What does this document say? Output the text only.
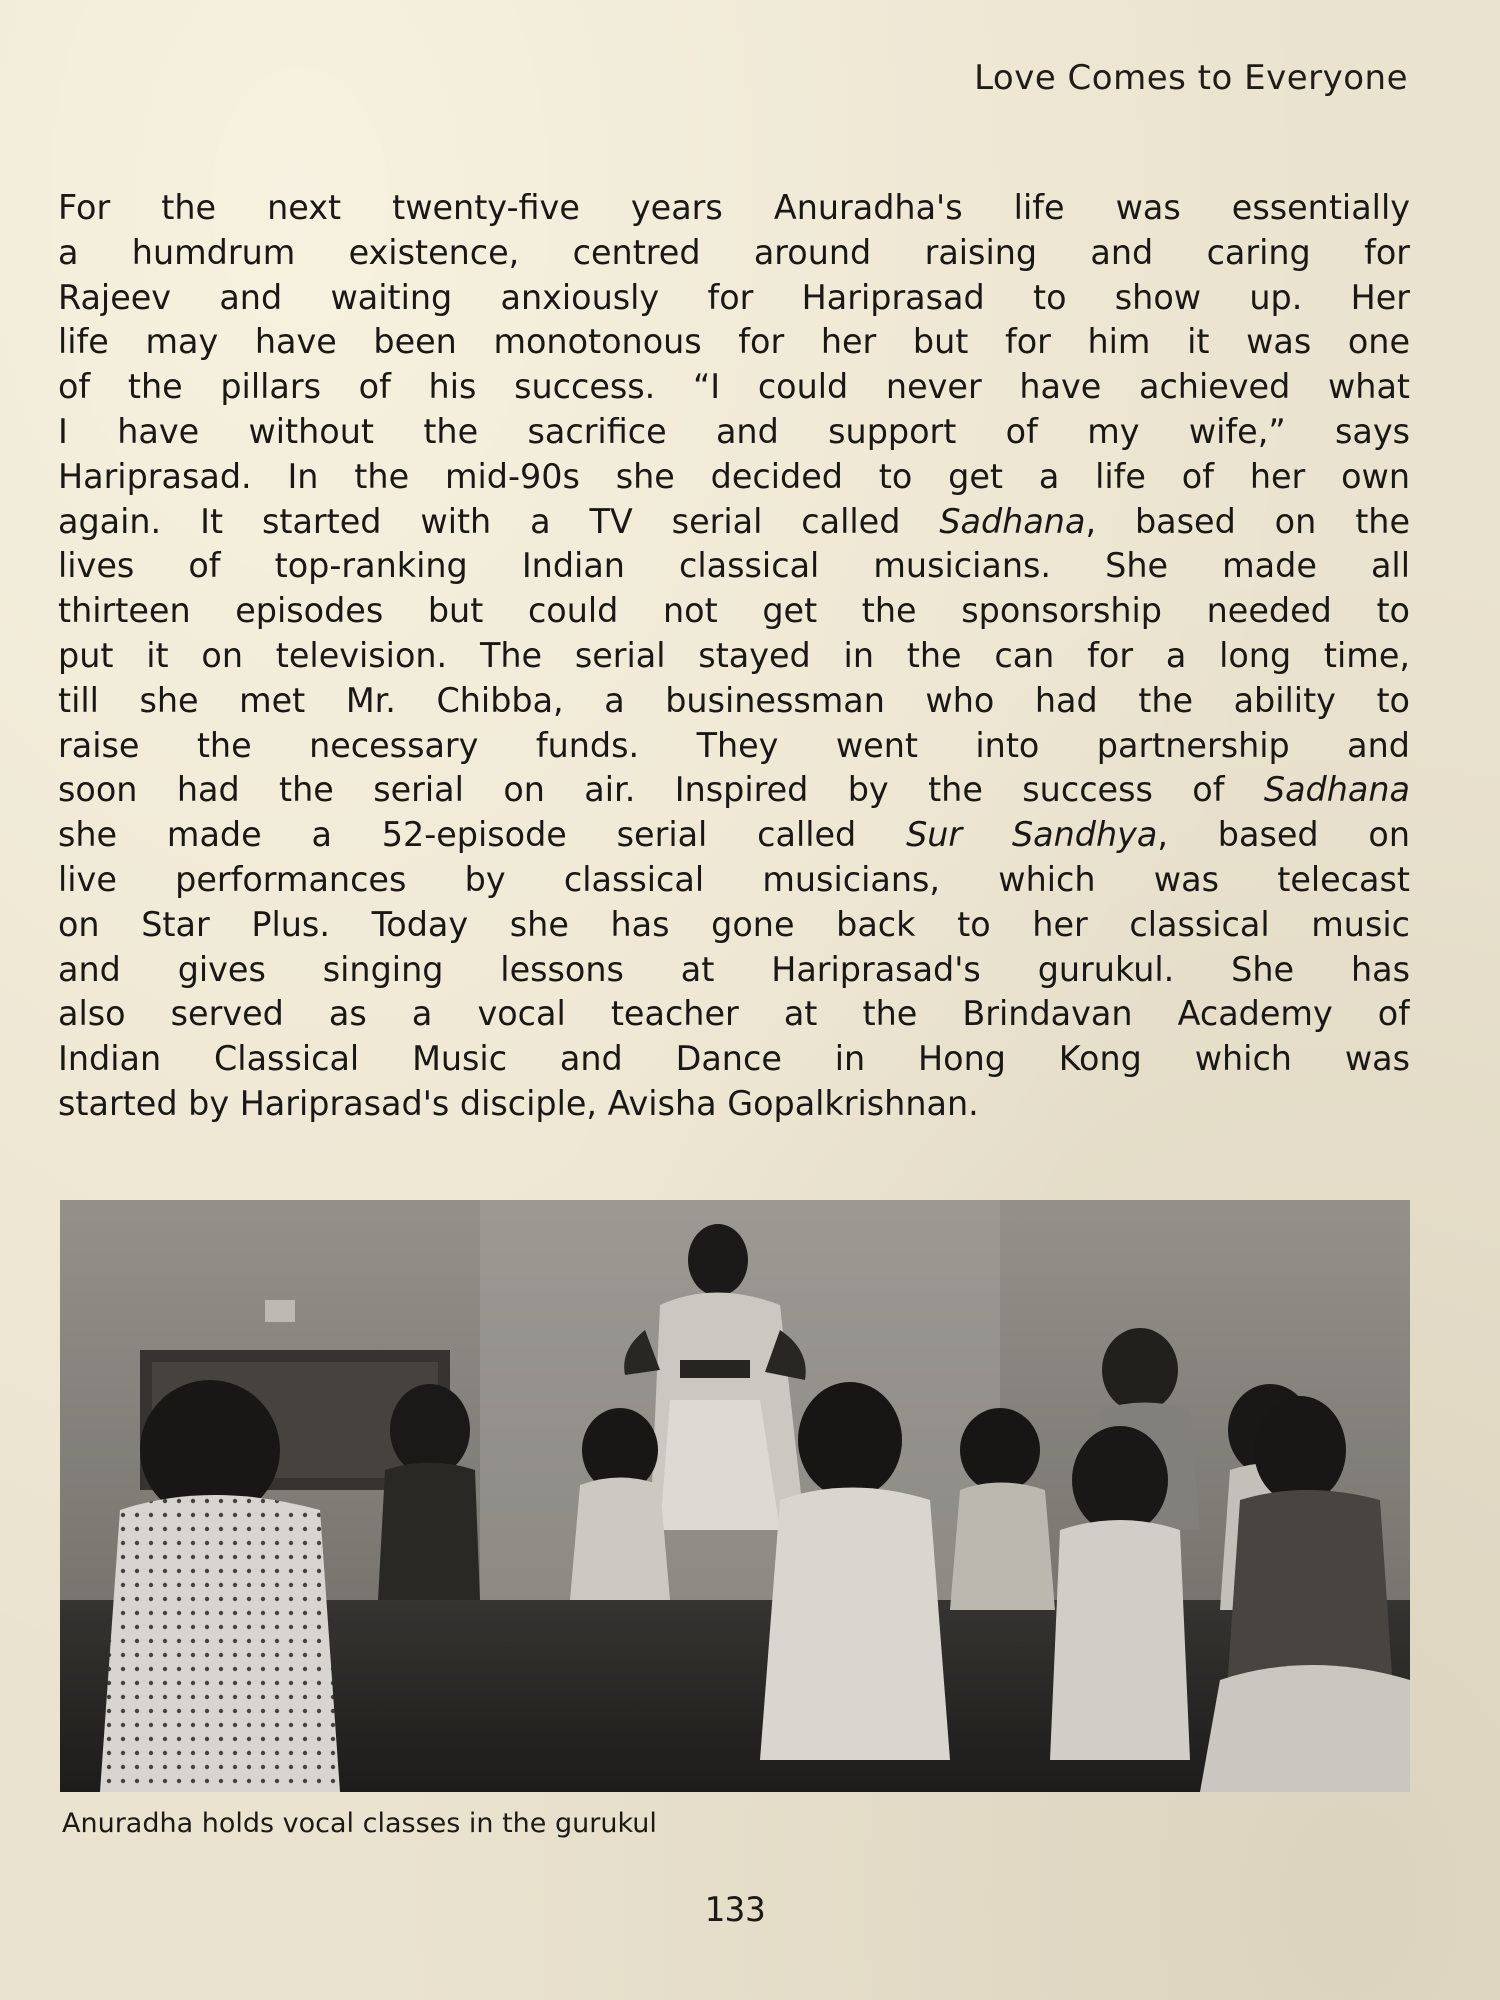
Love Comes to Everyone
For the next twenty-five years Anuradha's life was essentially
a humdrum existence, centred around raising and caring for
Rajeev and waiting anxiously for Hariprasad to show up. Her
life may have been monotonous for her but for him it was one
of the pillars of his success. “I could never have achieved what
I have without the sacrifice and support of my wife,” says
Hariprasad. In the mid-90s she decided to get a life of her own
again. It started with a TV serial called Sadhana, based on the
lives of top-ranking Indian classical musicians. She made all
thirteen episodes but could not get the sponsorship needed to
put it on television. The serial stayed in the can for a long time,
till she met Mr. Chibba, a businessman who had the ability to
raise the necessary funds. They went into partnership and
soon had the serial on air. Inspired by the success of Sadhana
she made a 52-episode serial called Sur Sandhya, based on
live performances by classical musicians, which was telecast
on Star Plus. Today she has gone back to her classical music
and gives singing lessons at Hariprasad's gurukul. She has
also served as a vocal teacher at the Brindavan Academy of
Indian Classical Music and Dance in Hong Kong which was
started by Hariprasad's disciple, Avisha Gopalkrishnan.
Anuradha holds vocal classes in the gurukul
133
